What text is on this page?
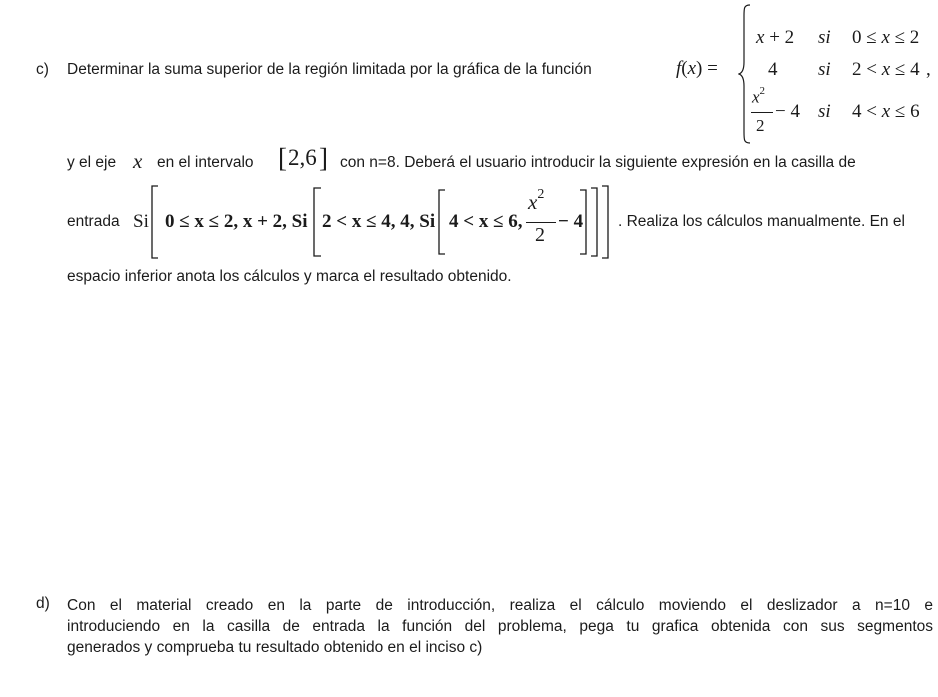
c) Determinar la suma superior de la región limitada por la gráfica de la función	f(x) =
x + 2 si 0 ≤ x ≤ 2
4 si 2 < x ≤ 4 ,
$x^2$
2
− 4 si 4 < x ≤ 6
y el eje x en el intervalo [ 2,6 ] con n=8. Deberá el usuario introducir la siguiente expresión en la casilla de
entrada Si 0 ≤ x ≤ 2, x + 2, Si 2 < x ≤ 4, 4, Si 4 < x ≤ 6,
$x^2$
2
− 4 . Realiza los cálculos manualmente. En el
espacio inferior anota los cálculos y marca el resultado obtenido.
d) Con el material creado en la parte de introducción, realiza el cálculo moviendo el deslizador a n=10 e
introduciendo en la casilla de entrada la función del problema, pega tu grafica obtenida con sus segmentos
generados y comprueba tu resultado obtenido en el inciso c)
